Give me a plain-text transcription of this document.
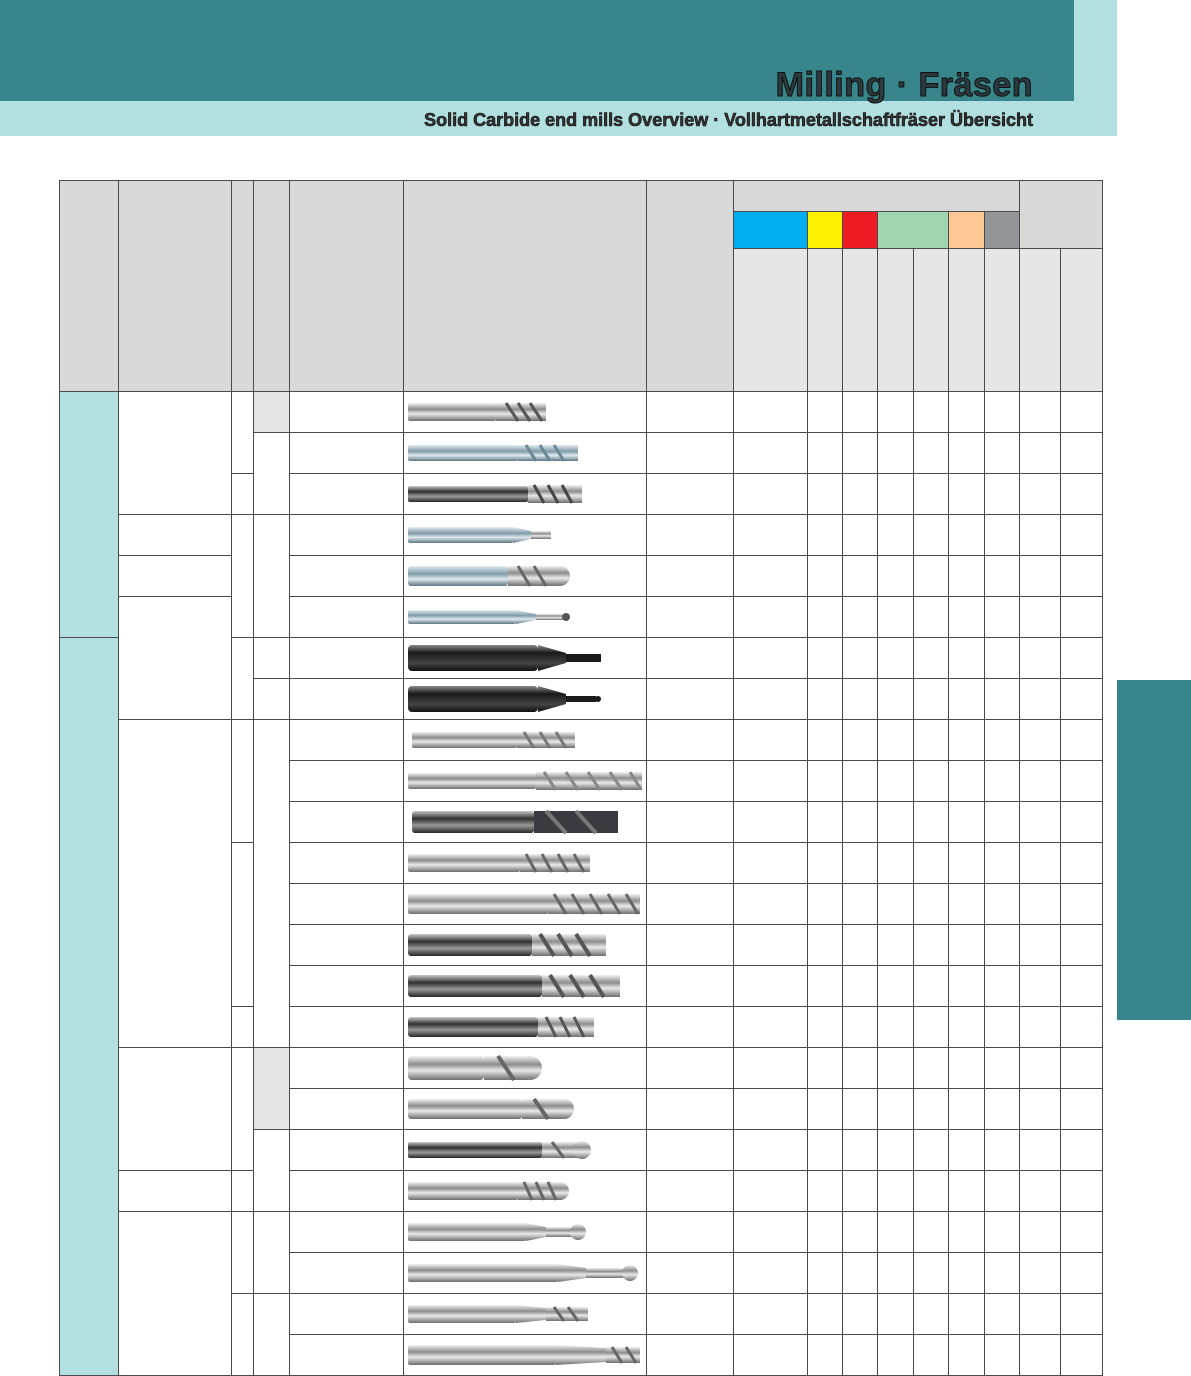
Milling · Fräsen
Solid Carbide end mills Overview · Vollhartmetallschaftfräser Übersicht
